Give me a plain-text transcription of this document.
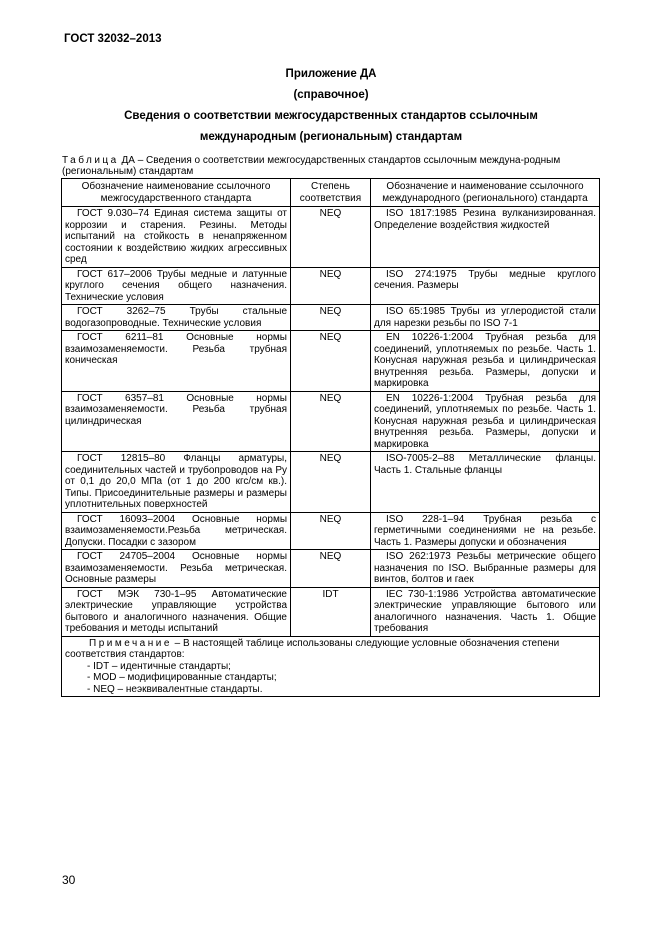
ГОСТ 32032–2013
Приложение ДА
(справочное)
Сведения о соответствии межгосударственных стандартов ссылочным
международным (региональным) стандартам
Таблица ДА – Сведения о соответствии межгосударственных стандартов ссылочным междуна-родным (региональным) стандартам
Обозначение наименование ссылочного межгосударственного стандарта	Степень соответствия	Обозначение и наименование ссылочного международного (регионального) стандарта

ГОСТ 9.030–74 Единая система защиты от коррозии и старения. Резины. Методы испытаний на стойкость в ненапряженном состоянии к воздействию жидких агрессивных сред	NEQ	ISO 1817:1985 Резина вулканизированная. Определение воздействия жидкостей

ГОСТ 617–2006 Трубы медные и латунные круглого сечения общего назначения. Технические условия	NEQ	ISO 274:1975 Трубы медные круглого сечения. Размеры

ГОСТ 3262–75 Трубы стальные водогазопроводные. Технические условия	NEQ	ISO 65:1985 Трубы из углеродистой стали для нарезки резьбы по ISO 7-1

ГОСТ 6211–81 Основные нормы взаимозаменяемости. Резьба трубная коническая	NEQ	EN 10226-1:2004 Трубная резьба для соединений, уплотняемых по резьбе. Часть 1. Конусная наружная резьба и цилиндрическая внутренняя резьба. Размеры, допуски и маркировка

ГОСТ 6357–81 Основные нормы взаимозаменяемости. Резьба трубная цилиндрическая	NEQ	EN 10226-1:2004 Трубная резьба для соединений, уплотняемых по резьбе. Часть 1. Конусная наружная резьба и цилиндрическая внутренняя резьба. Размеры, допуски и маркировка

ГОСТ 12815–80 Фланцы арматуры, соединительных частей и трубопроводов на Ру от 0,1 до 20,0 МПа (от 1 до 200 кгс/см кв.). Типы. Присоединительные размеры и размеры уплотнительных поверхностей	NEQ	ISO-7005-2–88 Металлические фланцы. Часть 1. Стальные фланцы

ГОСТ 16093–2004 Основные нормы взаимозаменяемости.Резьба метрическая. Допуски. Посадки с зазором	NEQ	ISO 228-1–94 Трубная резьба с герметичными соединениями не на резьбе. Часть 1. Размеры допуски и обозначения

ГОСТ 24705–2004 Основные нормы взаимозаменяемости. Резьба метрическая. Основные размеры	NEQ	ISO 262:1973 Резьбы метрические общего назначения по ISO. Выбранные размеры для винтов, болтов и гаек

ГОСТ МЭК 730-1–95 Автоматические электрические управляющие устройства бытового и аналогичного назначения. Общие требования и методы испытаний	IDT	IEC 730-1:1986 Устройства автоматические электрические управляющие бытового или аналогичного назначения. Часть 1. Общие требования

Примечание – В настоящей таблице использованы следующие условные обозначения степени соответствия стандартов:
- IDT – идентичные стандарты;
- MOD – модифицированные стандарты;
- NEQ – неэквивалентные стандарты.		
30
